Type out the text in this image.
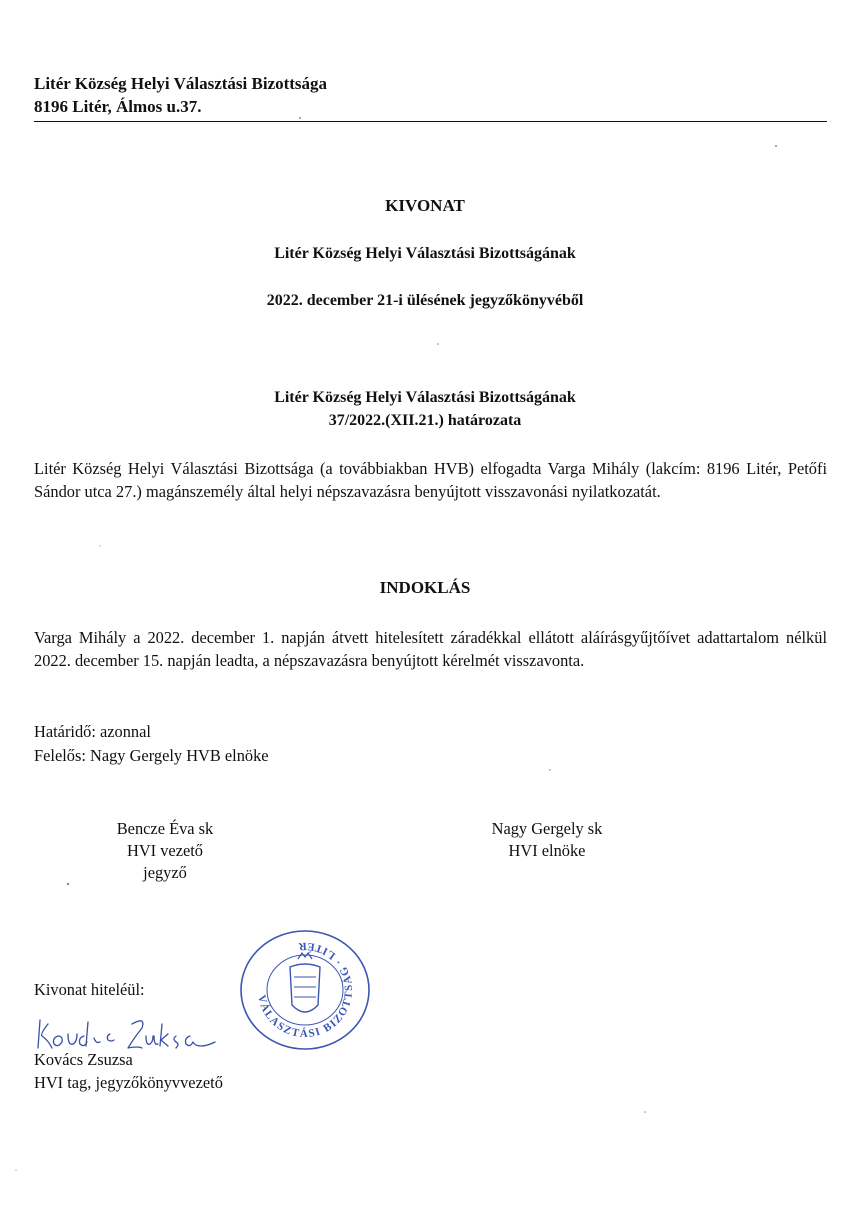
Litér Község Helyi Választási Bizottsága
8196 Litér, Álmos u.37.
KIVONAT
Litér Község Helyi Választási Bizottságának
2022. december 21-i ülésének jegyzőkönyvéből
Litér Község Helyi Választási Bizottságának
37/2022.(XII.21.) határozata
Litér Község Helyi Választási Bizottsága (a továbbiakban HVB) elfogadta Varga Mihály (lakcím: 8196 Litér, Petőfi Sándor utca 27.) magánszemély által helyi népszavazásra benyújtott visszavonási nyilatkozatát.
INDOKLÁS
Varga Mihály a 2022. december 1. napján átvett hitelesített záradékkal ellátott aláírásgyűjtőívet adattartalom nélkül 2022. december 15. napján leadta, a népszavazásra benyújtott kérelmét visszavonta.
Határidő: azonnal
Felelős: Nagy Gergely HVB elnöke
Bencze Éva sk
HVI vezető
jegyző
Nagy Gergely sk
HVI elnöke
Kivonat hiteléül:
Kovács Zsuzsa
HVI tag, jegyzőkönyvvezető
VÁLASZTÁSI BIZOTTSÁG · LITÉR
